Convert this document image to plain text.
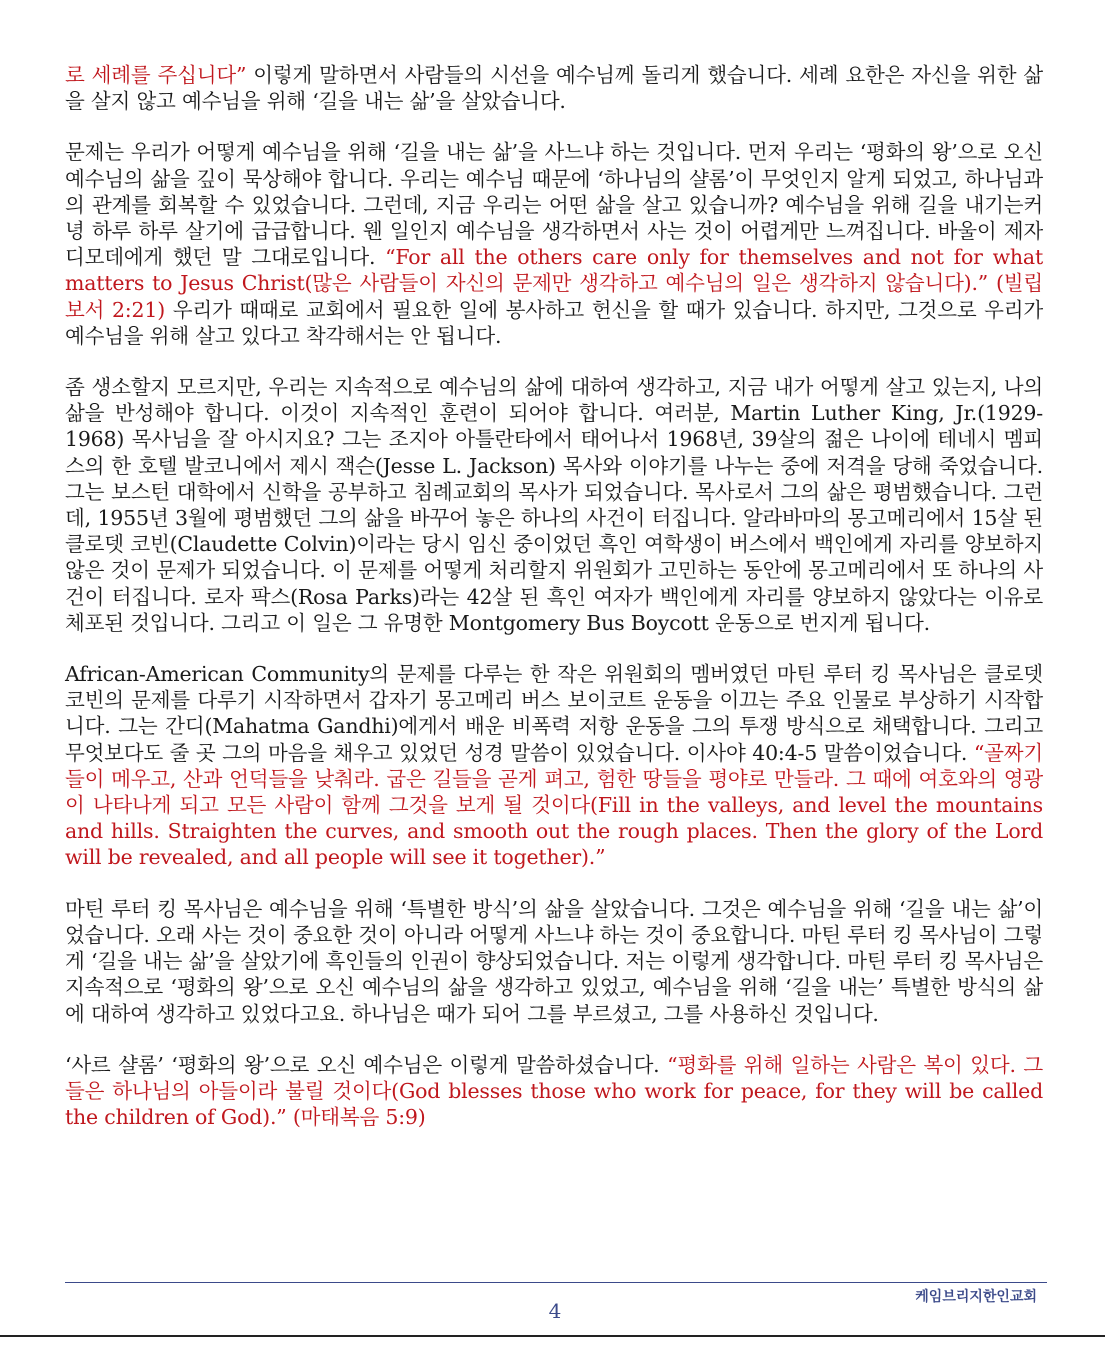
로 세례를 주십니다” 이렇게 말하면서 사람들의 시선을 예수님께 돌리게 했습니다. 세례 요한은 자신을 위한 삶을 살지 않고 예수님을 위해 ‘길을 내는 삶’을 살았습니다.

문제는 우리가 어떻게 예수님을 위해 ‘길을 내는 삶’을 사느냐 하는 것입니다. 먼저 우리는 ‘평화의 왕’으로 오신 예수님의 삶을 깊이 묵상해야 합니다. 우리는 예수님 때문에 ‘하나님의 샬롬’이 무엇인지 알게 되었고, 하나님과의 관계를 회복할 수 있었습니다. 그런데, 지금 우리는 어떤 삶을 살고 있습니까? 예수님을 위해 길을 내기는커녕 하루 하루 살기에 급급합니다. 웬 일인지 예수님을 생각하면서 사는 것이 어렵게만 느껴집니다. 바울이 제자 디모데에게 했던 말 그대로입니다. “For all the others care only for themselves and not for what matters to Jesus Christ(많은 사람들이 자신의 문제만 생각하고 예수님의 일은 생각하지 않습니다).” (빌립보서 2:21) 우리가 때때로 교회에서 필요한 일에 봉사하고 헌신을 할 때가 있습니다. 하지만, 그것으로 우리가 예수님을 위해 살고 있다고 착각해서는 안 됩니다.

좀 생소할지 모르지만, 우리는 지속적으로 예수님의 삶에 대하여 생각하고, 지금 내가 어떻게 살고 있는지, 나의 삶을 반성해야 합니다. 이것이 지속적인 훈련이 되어야 합니다. 여러분, Martin Luther King, Jr.(1929-1968) 목사님을 잘 아시지요? 그는 조지아 아틀란타에서 태어나서 1968년, 39살의 젊은 나이에 테네시 멤피스의 한 호텔 발코니에서 제시 잭슨(Jesse L. Jackson) 목사와 이야기를 나누는 중에 저격을 당해 죽었습니다. 그는 보스턴 대학에서 신학을 공부하고 침례교회의 목사가 되었습니다. 목사로서 그의 삶은 평범했습니다. 그런데, 1955년 3월에 평범했던 그의 삶을 바꾸어 놓은 하나의 사건이 터집니다. 알라바마의 몽고메리에서 15살 된 클로뎃 코빈(Claudette Colvin)이라는 당시 임신 중이었던 흑인 여학생이 버스에서 백인에게 자리를 양보하지 않은 것이 문제가 되었습니다. 이 문제를 어떻게 처리할지 위원회가 고민하는 동안에 몽고메리에서 또 하나의 사건이 터집니다. 로자 팍스(Rosa Parks)라는 42살 된 흑인 여자가 백인에게 자리를 양보하지 않았다는 이유로 체포된 것입니다. 그리고 이 일은 그 유명한 Montgomery Bus Boycott 운동으로 번지게 됩니다.

African-American Community의 문제를 다루는 한 작은 위원회의 멤버였던 마틴 루터 킹 목사님은 클로뎃 코빈의 문제를 다루기 시작하면서 갑자기 몽고메리 버스 보이코트 운동을 이끄는 주요 인물로 부상하기 시작합니다. 그는 간디(Mahatma Gandhi)에게서 배운 비폭력 저항 운동을 그의 투쟁 방식으로 채택합니다. 그리고 무엇보다도 줄 곳 그의 마음을 채우고 있었던 성경 말씀이 있었습니다. 이사야 40:4-5 말씀이었습니다. “골짜기들이 메우고, 산과 언덕들을 낮춰라. 굽은 길들을 곧게 펴고, 험한 땅들을 평야로 만들라. 그 때에 여호와의 영광이 나타나게 되고 모든 사람이 함께 그것을 보게 될 것이다(Fill in the valleys, and level the mountains and hills. Straighten the curves, and smooth out the rough places. Then the glory of the Lord will be revealed, and all people will see it together).”

마틴 루터 킹 목사님은 예수님을 위해 ‘특별한 방식’의 삶을 살았습니다. 그것은 예수님을 위해 ‘길을 내는 삶’이었습니다. 오래 사는 것이 중요한 것이 아니라 어떻게 사느냐 하는 것이 중요합니다. 마틴 루터 킹 목사님이 그렇게 ‘길을 내는 삶’을 살았기에 흑인들의 인권이 향상되었습니다. 저는 이렇게 생각합니다. 마틴 루터 킹 목사님은 지속적으로 ‘평화의 왕’으로 오신 예수님의 삶을 생각하고 있었고, 예수님을 위해 ‘길을 내는’ 특별한 방식의 삶에 대하여 생각하고 있었다고요. 하나님은 때가 되어 그를 부르셨고, 그를 사용하신 것입니다.

‘사르 샬롬’ ‘평화의 왕’으로 오신 예수님은 이렇게 말씀하셨습니다. “평화를 위해 일하는 사람은 복이 있다. 그들은 하나님의 아들이라 불릴 것이다(God blesses those who work for peace, for they will be called the children of God).” (마태복음 5:9)

케임브리지한인교회
4
